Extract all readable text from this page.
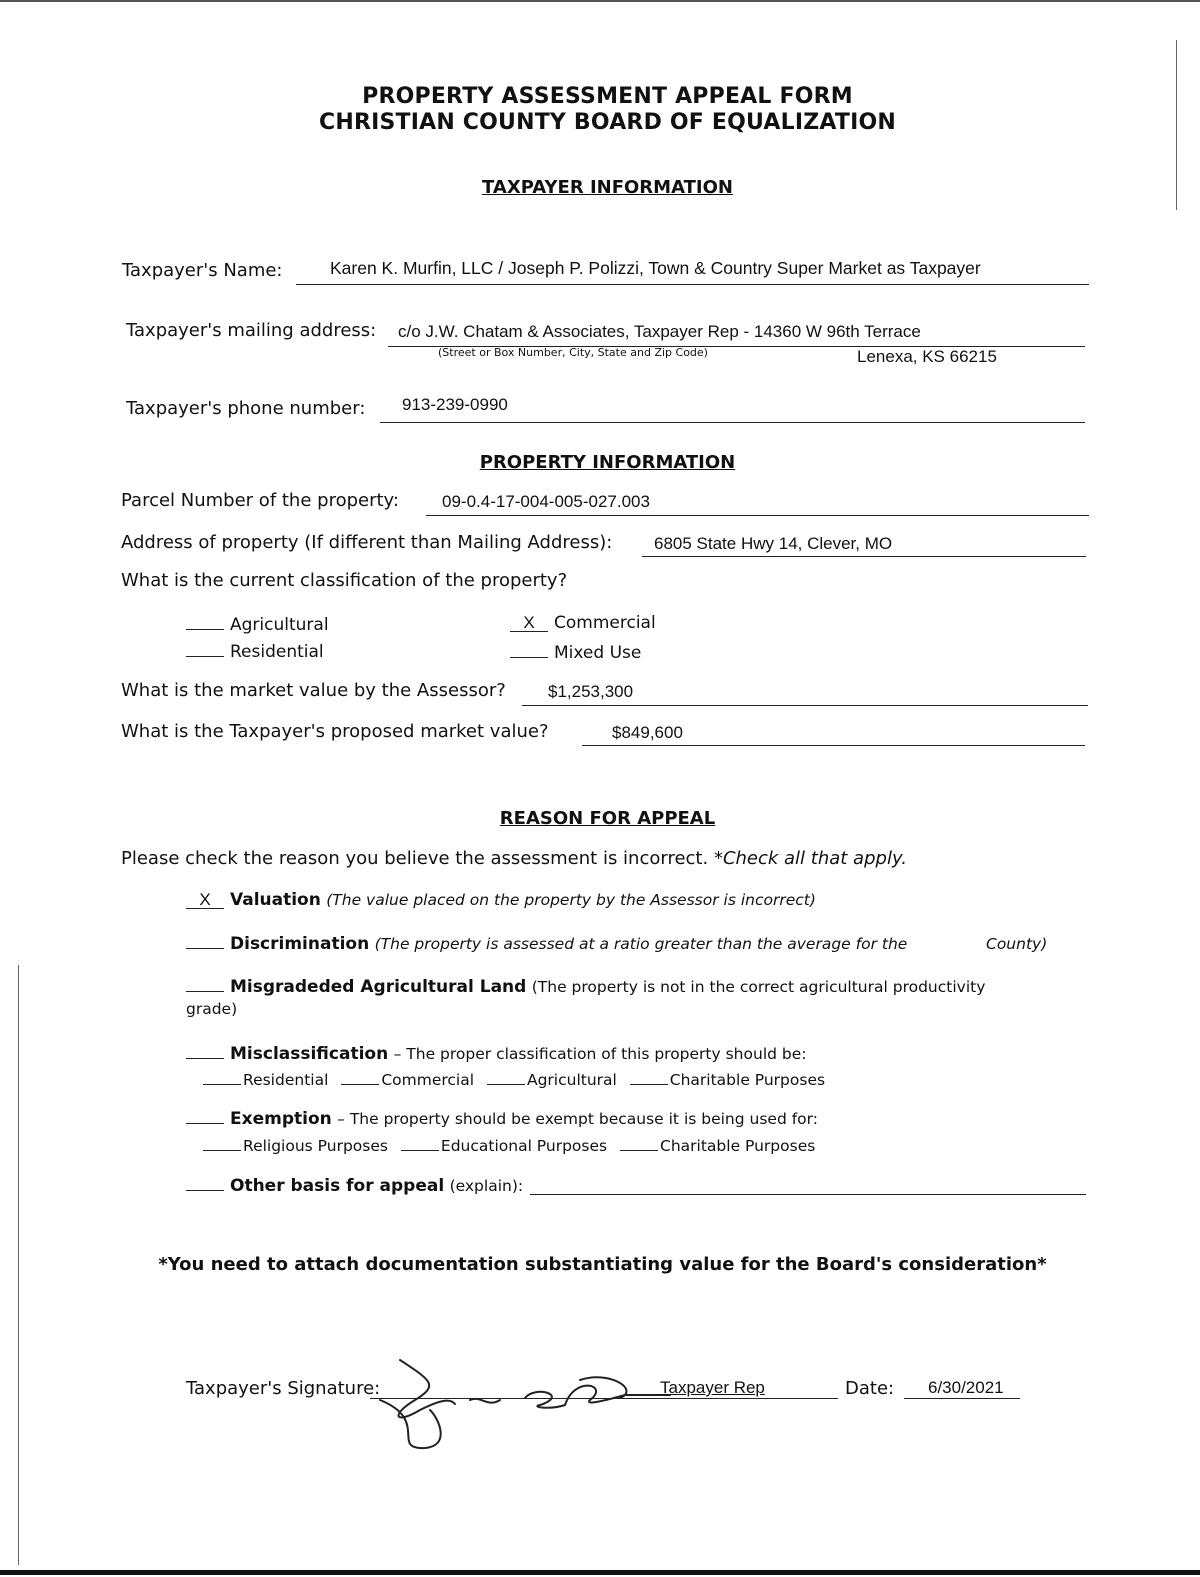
PROPERTY ASSESSMENT APPEAL FORM
CHRISTIAN COUNTY BOARD OF EQUALIZATION
TAXPAYER INFORMATION
Taxpayer's Name:	Karen K. Murfin, LLC / Joseph P. Polizzi, Town & Country Super Market as Taxpayer
Taxpayer's mailing address: c/o J.W. Chatam & Associates, Taxpayer Rep - 14360 W 96th Terrace
(Street or Box Number, City, State and Zip Code)	Lenexa, KS 66215
Taxpayer's phone number: 913-239-0990
PROPERTY INFORMATION
Parcel Number of the property:	09-0.4-17-004-005-027.003
Address of property (If different than Mailing Address): 6805 State Hwy 14, Clever, MO
What is the current classification of the property?
Agricultural	X Commercial
Residential	Mixed Use
What is the market value by the Assessor? $1,253,300
What is the Taxpayer's proposed market value?	$849,600
REASON FOR APPEAL
Please check the reason you believe the assessment is incorrect. *Check all that apply.
X Valuation (The value placed on the property by the Assessor is incorrect)
Discrimination (The property is assessed at a ratio greater than the average for the	County)
Misgradeded Agricultural Land (The property is not in the correct agricultural productivity
grade)
Misclassification – The proper classification of this property should be:
Residential	Commercial	Agricultural	Charitable Purposes
Exemption – The property should be exempt because it is being used for:
Religious Purposes	Educational Purposes	Charitable Purposes
Other basis for appeal (explain):
*You need to attach documentation substantiating value for the Board's consideration*
Taxpayer's Signature:	Taxpayer Rep	Date: 6/30/2021
